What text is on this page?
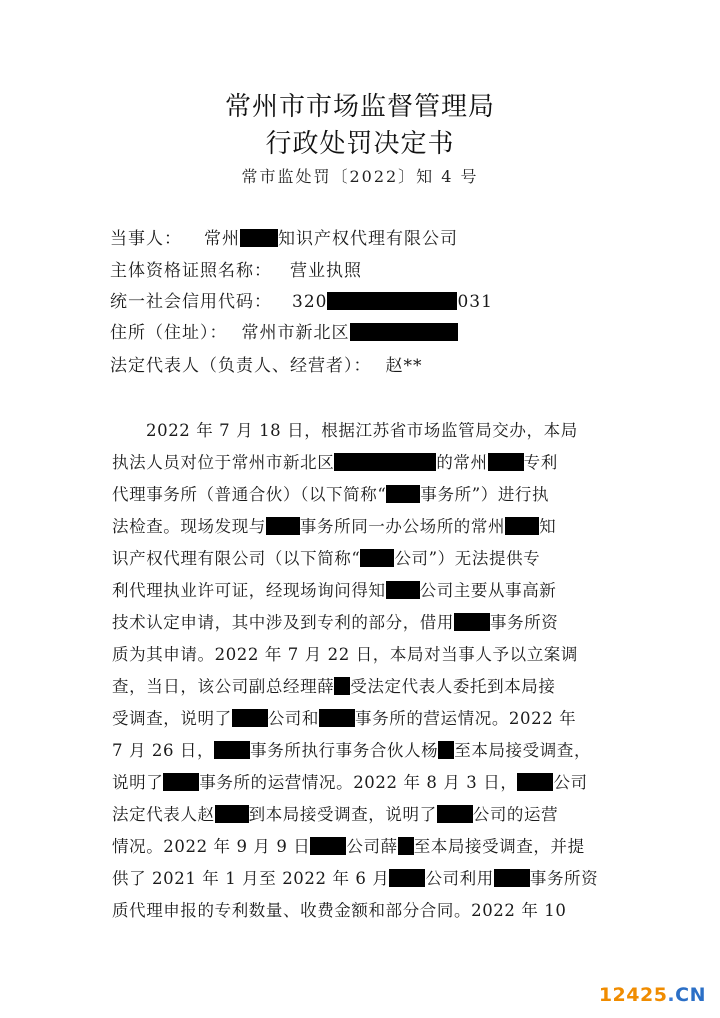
常州市市场监督管理局
行政处罚决定书
常市监处罚〔2022〕知 4 号
当事人： 常州 知识产权代理有限公司
主体资格证照名称： 营业执照
统一社会信用代码： 320	031
住所（住址）： 常州市新北区
法定代表人（负责人、经营者）： 赵**
2022 年 7 月 18 日，根据江苏省市场监管局交办，本局
执法人员对位于常州市新北区	的常州 专利
代理事务所（普通合伙）（以下简称“ 事务所”）进行执
法检查。现场发现与 事务所同一办公场所的常州 知
识产权代理有限公司（以下简称“ 公司”）无法提供专
利代理执业许可证，经现场询问得知 公司主要从事高新
技术认定申请，其中涉及到专利的部分，借用 事务所资
质为其申请。2022 年 7 月 22 日，本局对当事人予以立案调
查，当日，该公司副总经理薛 受法定代表人委托到本局接
受调查，说明了 公司和 事务所的营运情况。2022 年
7 月 26 日， 事务所执行事务合伙人杨 至本局接受调查，
说明了 事务所的运营情况。2022 年 8 月 3 日， 公司
法定代表人赵 到本局接受调查，说明了 公司的运营
情况。2022 年 9 月 9 日 公司薛 至本局接受调查，并提
供了 2021 年 1 月至 2022 年 6 月 公司利用 事务所资
质代理申报的专利数量、收费金额和部分合同。2022 年 10
12425.CN
